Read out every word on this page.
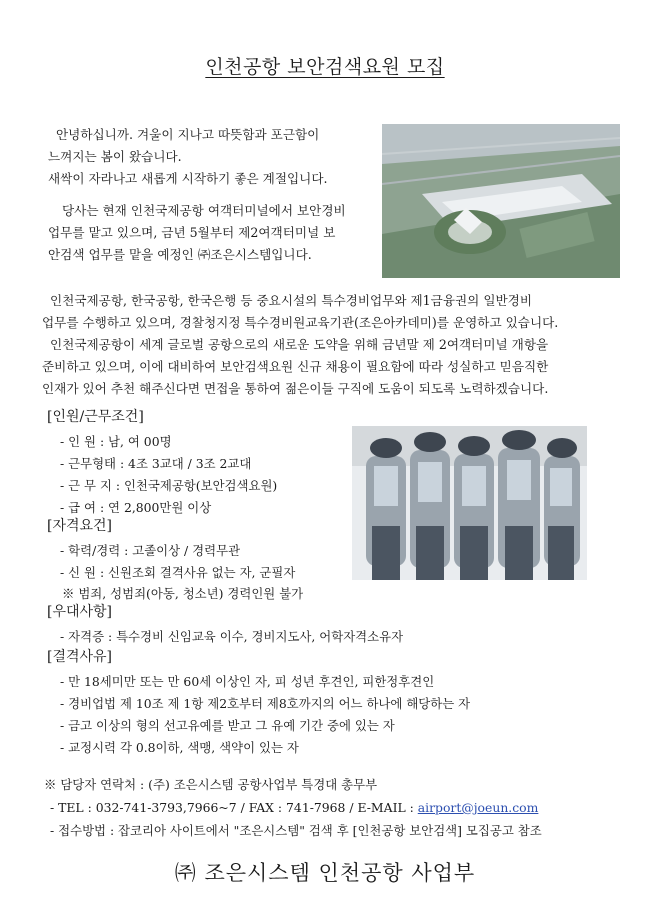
인천공항 보안검색요원 모집
안녕하십니까. 겨울이 지나고 따뜻함과 포근함이
느껴지는 봄이 왔습니다.
새싹이 자라나고 새롭게 시작하기 좋은 계절입니다.
당사는 현재 인천국제공항 여객터미널에서 보안경비
업무를 맡고 있으며, 금년 5월부터 제2여객터미널 보
안검색 업무를 맡을 예정인 ㈜조은시스템입니다.
인천국제공항, 한국공항, 한국은행 등 중요시설의 특수경비업무와 제1금융권의 일반경비
업무를 수행하고 있으며, 경찰청지정 특수경비원교육기관(조은아카데미)를 운영하고 있습니다.
인천국제공항이 세계 글로벌 공항으로의 새로운 도약을 위해 금년말 제 2여객터미널 개항을
준비하고 있으며, 이에 대비하여 보안검색요원 신규 채용이 필요함에 따라 성실하고 믿음직한
인재가 있어 추천 해주신다면 면접을 통하여 젊은이들 구직에 도움이 되도록 노력하겠습니다.
[인원/근무조건]
- 인 원 : 남, 여 00명
- 근무형태 : 4조 3교대 / 3조 2교대
- 근 무 지 : 인천국제공항(보안검색요원)
- 급 여 : 연 2,800만원 이상
[자격요건]
- 학력/경력 : 고졸이상 / 경력무관
- 신 원 : 신원조회 결격사유 없는 자, 군필자
※ 범죄, 성범죄(아동, 청소년) 경력인원 불가
[우대사항]
- 자격증 : 특수경비 신임교육 이수, 경비지도사, 어학자격소유자
[결격사유]
- 만 18세미만 또는 만 60세 이상인 자, 피 성년 후견인, 피한정후견인
- 경비업법 제 10조 제 1항 제2호부터 제8호까지의 어느 하나에 해당하는 자
- 금고 이상의 형의 선고유예를 받고 그 유예 기간 중에 있는 자
- 교정시력 각 0.8이하, 색맹, 색약이 있는 자
※ 담당자 연락처 : (주) 조은시스템 공항사업부 특경대 총무부
- TEL : 032-741-3793,7966~7 / FAX : 741-7968 / E-MAIL : airport@joeun.com
- 접수방법 : 잡코리아 사이트에서 "조은시스템" 검색 후 [인천공항 보안검색] 모집공고 참조
㈜ 조은시스템 인천공항 사업부
